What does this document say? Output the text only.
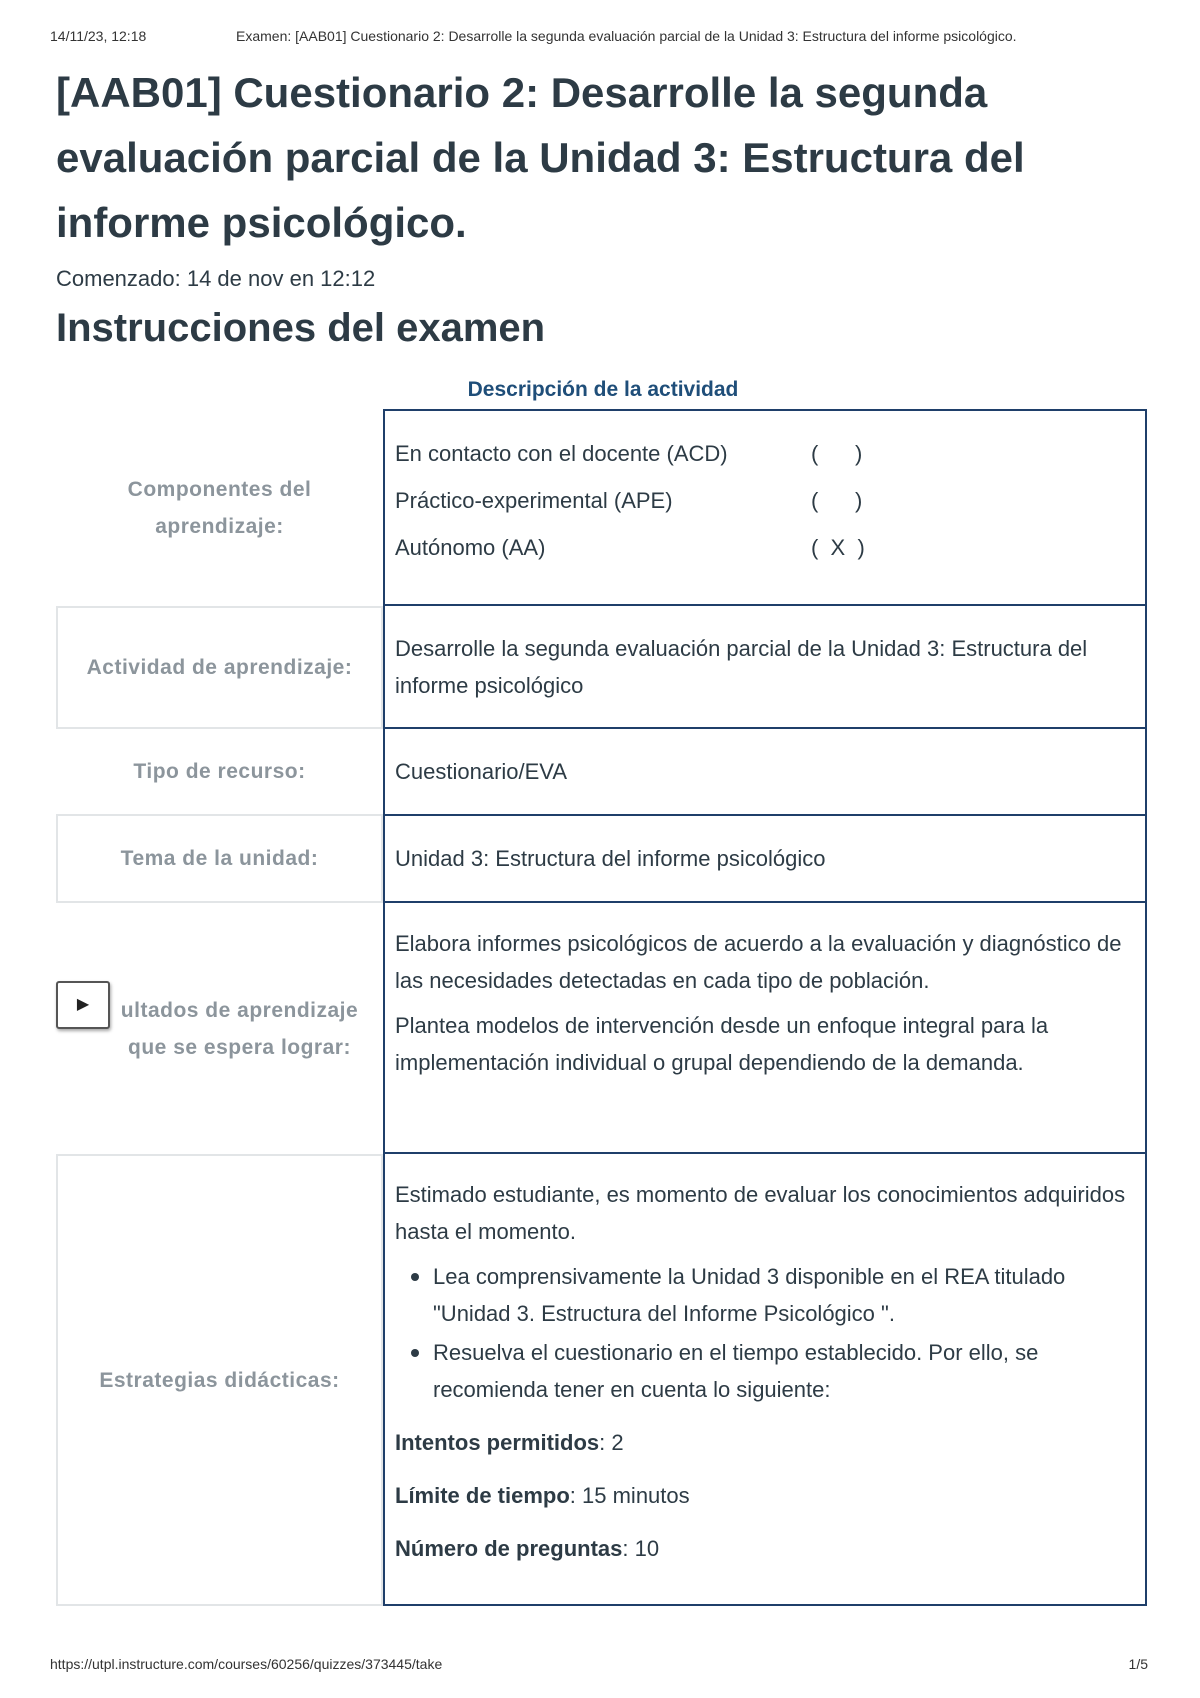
14/11/23, 12:18	Examen: [AAB01] Cuestionario 2: Desarrolle la segunda evaluación parcial de la Unidad 3: Estructura del informe psicológico.
[AAB01] Cuestionario 2: Desarrolle la segunda evaluación parcial de la Unidad 3: Estructura del informe psicológico.
Comenzado: 14 de nov en 12:12
Instrucciones del examen
Descripción de la actividad
Componentes del aprendizaje:
En contacto con el docente (ACD)	(      )
Práctico-experimental (APE)	(      )
Autónomo (AA)	(  X  )
Actividad de aprendizaje:

Desarrolle la segunda evaluación parcial de la Unidad 3: Estructura del informe psicológico

Tipo de recurso:	Cuestionario/EVA

Tema de la unidad:	Unidad 3: Estructura del informe psicológico

ultados de aprendizaje que se espera lograr:

Elabora informes psicológicos de acuerdo a la evaluación y diagnóstico de las necesidades detectadas en cada tipo de población.

Plantea modelos de intervención desde un enfoque integral para la implementación individual o grupal dependiendo de la demanda.

Estrategias didácticas:

Estimado estudiante, es momento de evaluar los conocimientos adquiridos hasta el momento.

Lea comprensivamente la Unidad 3 disponible en el REA titulado "Unidad 3. Estructura del Informe Psicológico ".
Resuelva el cuestionario en el tiempo establecido. Por ello, se recomienda tener en cuenta lo siguiente:

Intentos permitidos: 2

Límite de tiempo: 15 minutos

Número de preguntas: 10

▶
https://utpl.instructure.com/courses/60256/quizzes/373445/take	1/5
